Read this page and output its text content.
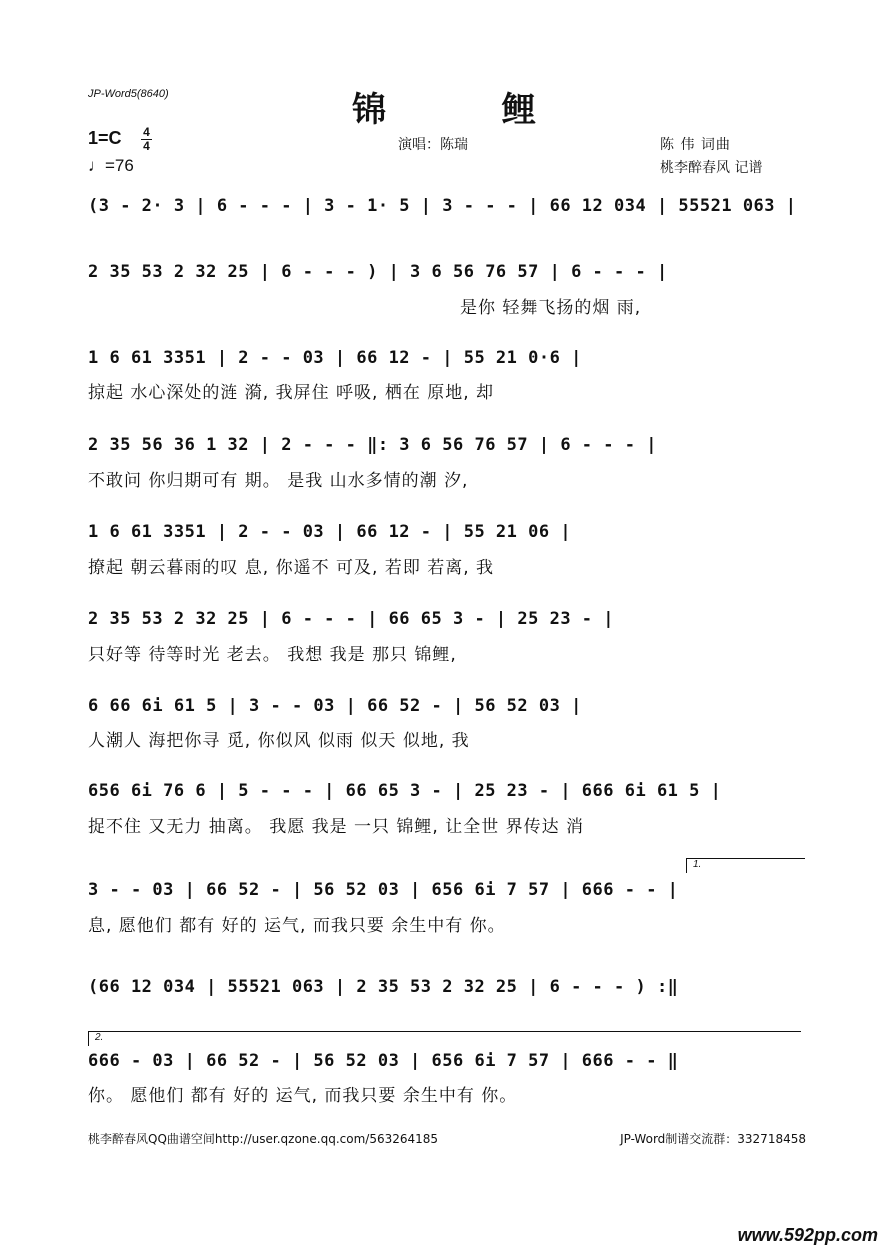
JP-Word5(8640)	锦 鲤
1=C 4
4
♩=76
演唱：陈瑞	陈 伟 词曲
桃李醉春风 记谱
(3 - 2· 3 | 6 - - - | 3 - 1· 5 | 3 - - - | 66 12 034 | 55521 063 |
2 35 53 2 32 25 | 6 - - - ) | 3 6 56 76 57 | 6 - - - |
是你 轻舞飞扬的烟 雨,
1 6 61 3351 | 2 - - 03 | 66 12 - | 55 21 0·6 |
掠起 水心深处的涟 漪, 我屏住 呼吸, 栖在 原地, 却
2 35 56 36 1 32 | 2 - - - ‖: 3 6 56 76 57 | 6 - - - |
不敢问 你归期可有 期。 是我 山水多情的潮 汐,
1 6 61 3351 | 2 - - 03 | 66 12 - | 55 21 06 |
撩起 朝云暮雨的叹 息, 你遥不 可及, 若即 若离, 我
2 35 53 2 32 25 | 6 - - - | 66 65 3 - | 25 23 - |
只好等 待等时光 老去。 我想 我是 那只 锦鲤,
6 66 6i 61 5 | 3 - - 03 | 66 52 - | 56 52 03 |
人潮人 海把你寻 觅, 你似风 似雨 似天 似地, 我
656 6i 76 6 | 5 - - - | 66 65 3 - | 25 23 - | 666 6i 61 5 |
捉不住 又无力 抽离。 我愿 我是 一只 锦鲤, 让全世 界传达 消
1.
3 - - 03 | 66 52 - | 56 52 03 | 656 6i 7 57 | 666 - - |
息, 愿他们 都有 好的 运气, 而我只要 余生中有 你。
(66 12 034 | 55521 063 | 2 35 53 2 32 25 | 6 - - - ) :‖
2.
666 - 03 | 66 52 - | 56 52 03 | 656 6i 7 57 | 666 - - ‖
你。 愿他们 都有 好的 运气, 而我只要 余生中有 你。
桃李醉春风QQ曲谱空间http://user.qzone.qq.com/563264185	JP-Word制谱交流群：332718458
www.592pp.com
